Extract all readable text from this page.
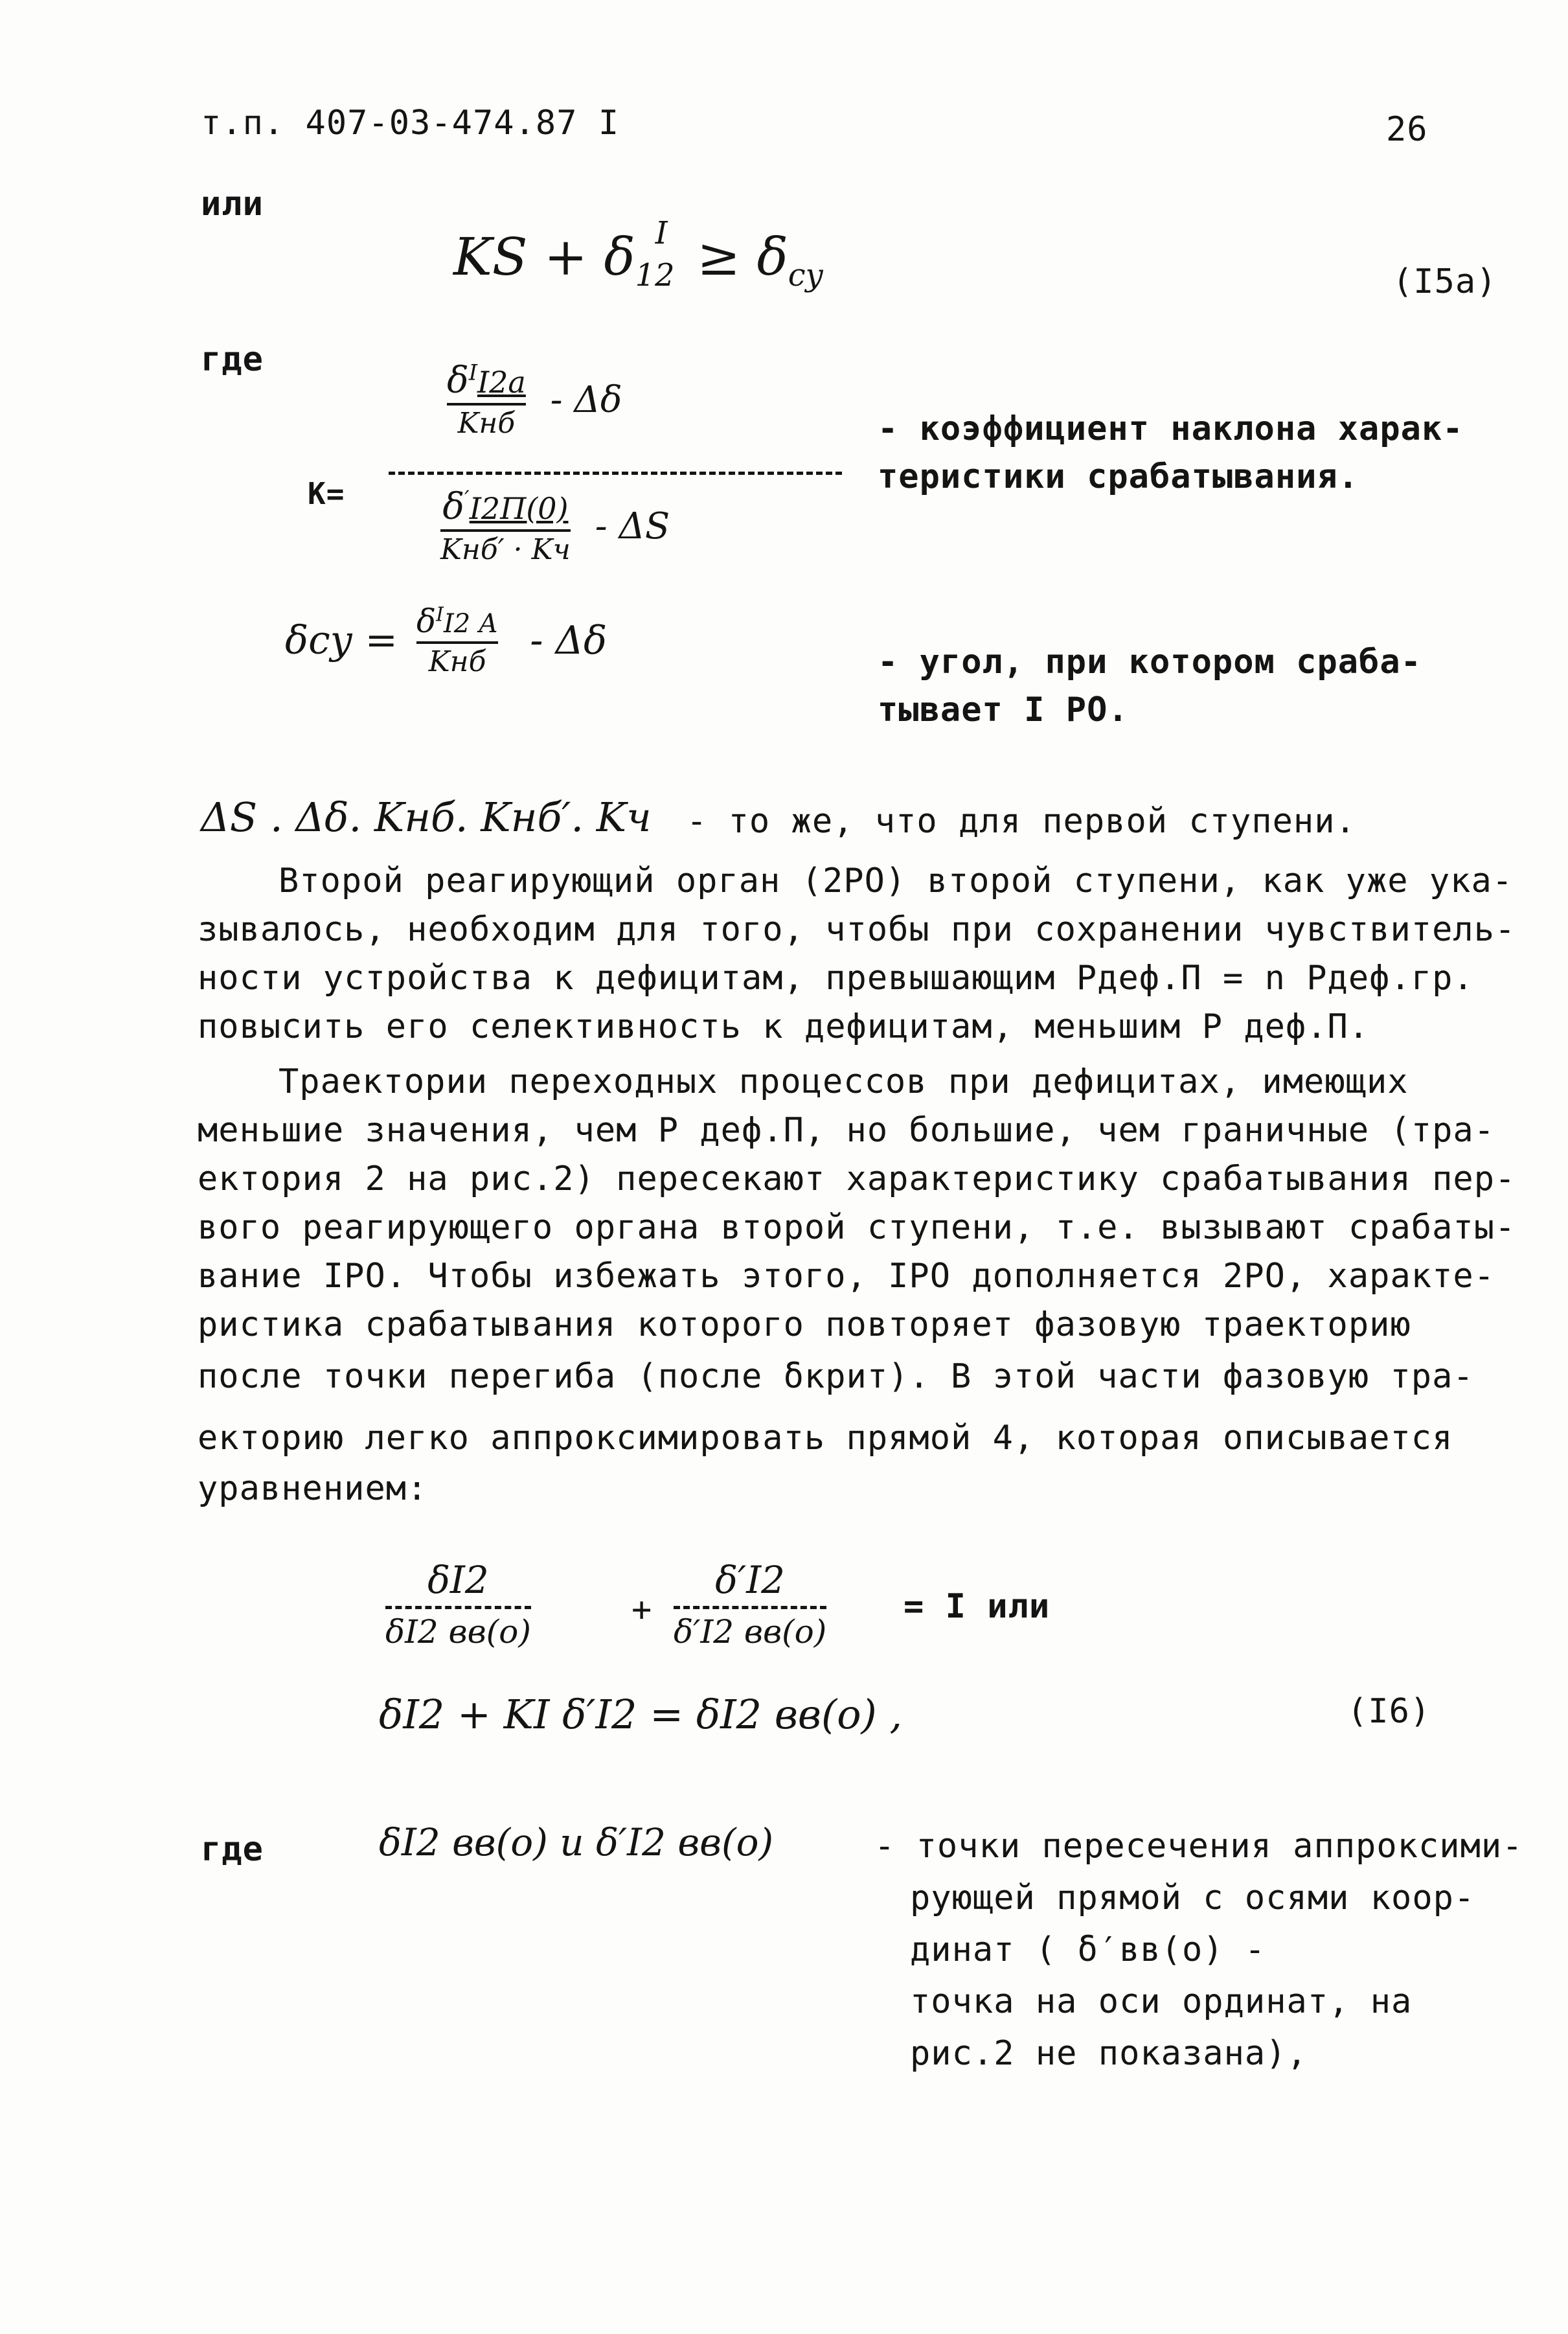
т.п. 407-03-474.87 I	26
или
KS + $\delta_{12}^I \ge \delta_{су}$	(I5a)
где
K=
$\delta^II2а$
Kнб
- Δδ
δ′I2П(0)
Kнб′ · Kч
- ΔS
- коэффициент наклона харак-
теристики срабатывания.
$\delta су = \delta^II2$ А
Kнб - Δδ	- угол, при котором сраба-
тывает I РО.
ΔS . Δδ. Kнб. Kнб′. Kч - то же, что для первой ступени.
Второй реагирующий орган (2РО) второй ступени, как уже ука-
зывалось, необходим для того, чтобы при сохранении чувствитель-
ности устройства к дефицитам, превышающим Рдеф.П = n Рдеф.гр.
повысить его селективность к дефицитам, меньшим Р деф.П.
Траектории переходных процессов при дефицитах, имеющих
меньшие значения, чем Р деф.П, но большие, чем граничные (тра-
ектория 2 на рис.2) пересекают характеристику срабатывания пер-
вого реагирующего органа второй ступени, т.е. вызывают срабаты-
вание IРО. Чтобы избежать этого, IРО дополняется 2РО, характе-
ристика срабатывания которого повторяет фазовую траекторию
после точки перегиба (после δкрит). В этой части фазовую тра-
екторию легко аппроксимировать прямой 4, которая описывается
уравнением:
δI2
δI2 вв(о)
+
δ′I2
δ′I2 вв(о)
= I или
δI2 + KI δ′I2 = δI2 вв(о) ,	(I6)
где	δI2 вв(о) и δ′I2 вв(о)	- точки пересечения аппроксими-
рующей прямой с осями коор-
динат ( δ′вв(о) -
точка на оси ординат, на
рис.2 не показана),
